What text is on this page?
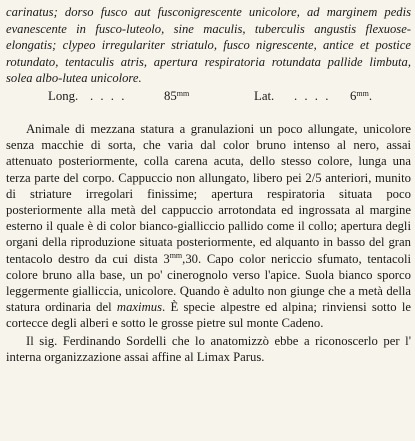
carinatus; dorso fusco aut fusconigrescente unicolore, ad marginem pedis evanescente in fusco-luteolo, sine maculis, tuberculis angustis flexuose-elongatis; clypeo irregulariter striatulo, fusco nigrescente, antice et postice rotundato, tentaculis atris, apertura respiratoria rotundata pallide limbuta, solea albo-lutea unicolore.

Long. . . . .	85mm	Lat. . . . . 6mm.

Animale di mezzana statura a granulazioni un poco allungate, unicolore senza macchie di sorta, che varia dal color bruno intenso al nero, assai attenuato posteriormente, colla carena acuta, dello stesso colore, lunga una terza parte del corpo. Cappuccio non allungato, libero pei 2/5 anteriori, munito di striature irregolari finissime; apertura respiratoria situata poco posteriormente alla metà del cappuccio arrotondata ed ingrossata al margine esterno il quale è di color bianco-gialliccio pallido come il collo; apertura degli organi della riproduzione situata posteriormente, ed alquanto in basso del gran tentacolo destro da cui dista $3^{mm},30$. Capo color nericcio sfumato, tentacoli colore bruno alla base, un po' cinerognolo verso l'apice. Suola bianco sporco leggermente gialliccia, unicolore. Quando è adulto non giunge che a metà della statura ordinaria del maximus. È specie alpestre ed alpina; rinviensi sotto le cortecce degli alberi e sotto le grosse pietre sul monte Cadeno.

Il sig. Ferdinando Sordelli che lo anatomizzò ebbe a riconoscerlo per l' interna organizzazione assai affine al Limax Parus.
